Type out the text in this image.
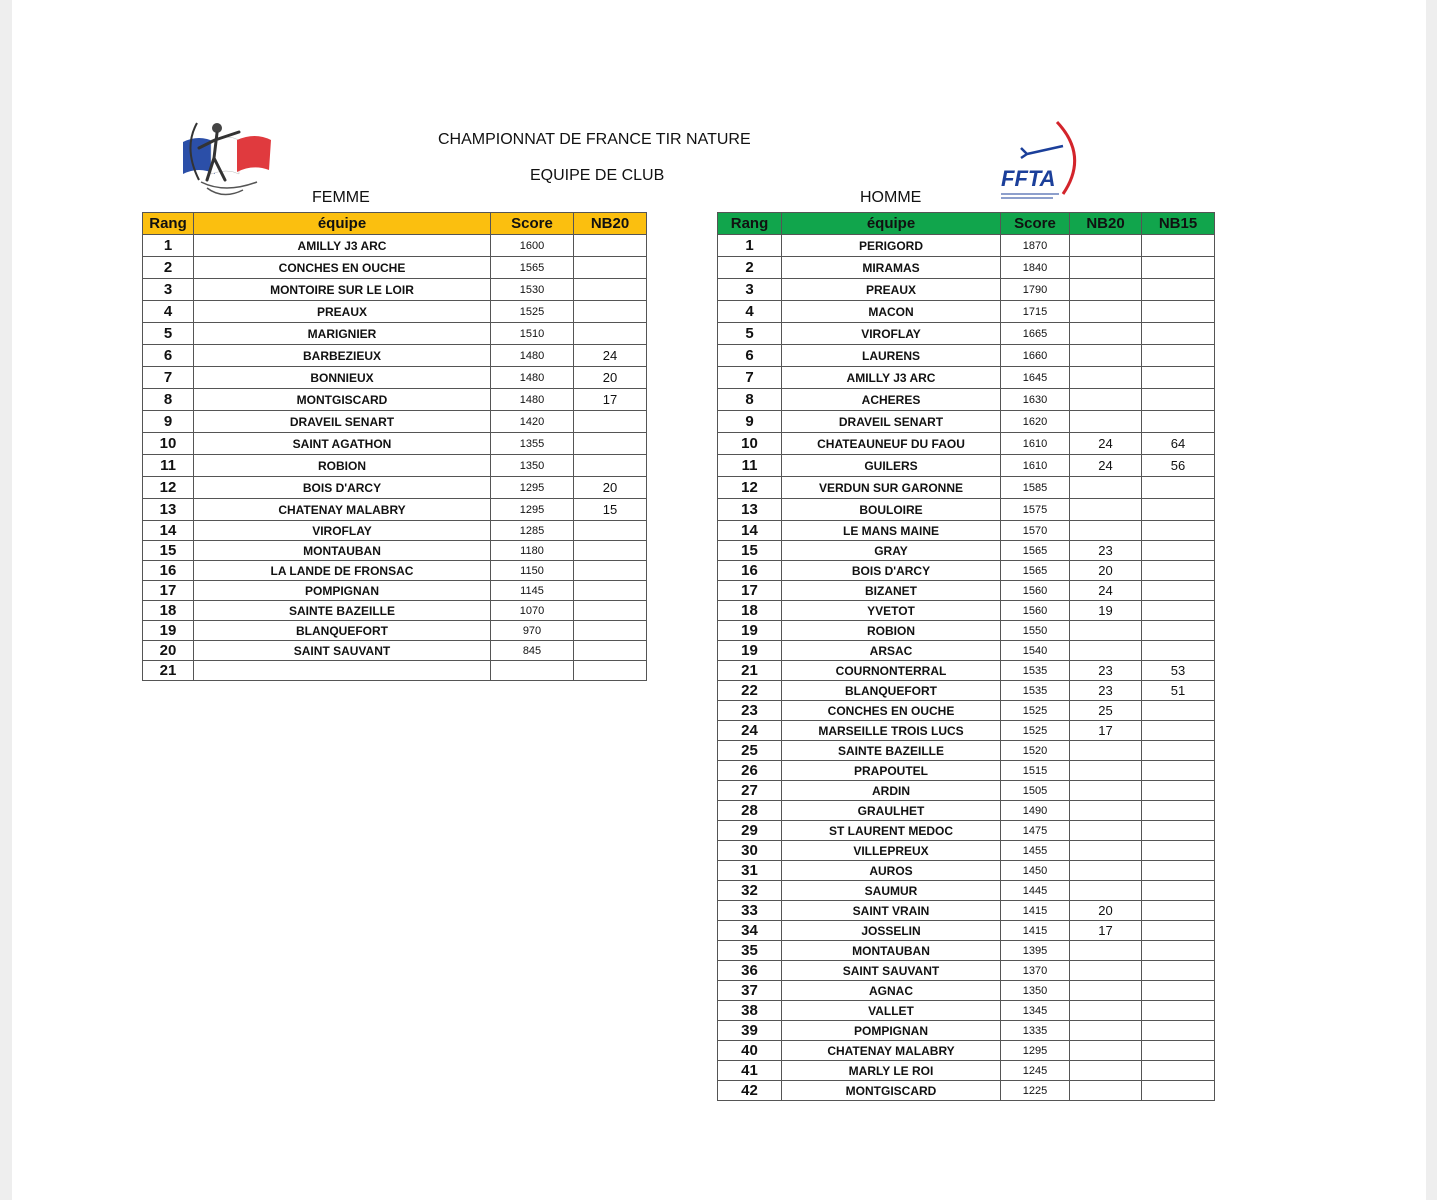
CHAMPIONNAT DE FRANCE TIR NATURE
EQUIPE DE CLUB	FFTA
FEMME	HOMME
Rang	équipe	Score	NB20
1	AMILLY J3 ARC	1600	
2	CONCHES EN OUCHE	1565	
3	MONTOIRE SUR LE LOIR	1530	
4	PREAUX	1525	
5	MARIGNIER	1510	
6	BARBEZIEUX	1480	24
7	BONNIEUX	1480	20
8	MONTGISCARD	1480	17
9	DRAVEIL SENART	1420	
10	SAINT AGATHON	1355	
11	ROBION	1350	
12	BOIS D'ARCY	1295	20
13	CHATENAY MALABRY	1295	15
14	VIROFLAY	1285	
15	MONTAUBAN	1180	
16	LA LANDE DE FRONSAC	1150	
17	POMPIGNAN	1145	
18	SAINTE BAZEILLE	1070	
19	BLANQUEFORT	970	
20	SAINT SAUVANT	845	
21			
Rang	équipe	Score	NB20	NB15
1	PERIGORD	1870		
2	MIRAMAS	1840		
3	PREAUX	1790		
4	MACON	1715		
5	VIROFLAY	1665		
6	LAURENS	1660		
7	AMILLY J3 ARC	1645		
8	ACHERES	1630		
9	DRAVEIL SENART	1620		
10	CHATEAUNEUF DU FAOU	1610	24	64
11	GUILERS	1610	24	56
12	VERDUN SUR GARONNE	1585		
13	BOULOIRE	1575		
14	LE MANS MAINE	1570		
15	GRAY	1565	23	
16	BOIS D'ARCY	1565	20	
17	BIZANET	1560	24	
18	YVETOT	1560	19	
19	ROBION	1550		
19	ARSAC	1540		
21	COURNONTERRAL	1535	23	53
22	BLANQUEFORT	1535	23	51
23	CONCHES EN OUCHE	1525	25	
24	MARSEILLE TROIS LUCS	1525	17	
25	SAINTE BAZEILLE	1520		
26	PRAPOUTEL	1515		
27	ARDIN	1505		
28	GRAULHET	1490		
29	ST LAURENT MEDOC	1475		
30	VILLEPREUX	1455		
31	AUROS	1450		
32	SAUMUR	1445		
33	SAINT VRAIN	1415	20	
34	JOSSELIN	1415	17	
35	MONTAUBAN	1395		
36	SAINT SAUVANT	1370		
37	AGNAC	1350		
38	VALLET	1345		
39	POMPIGNAN	1335		
40	CHATENAY MALABRY	1295		
41	MARLY LE ROI	1245		
42	MONTGISCARD	1225		
